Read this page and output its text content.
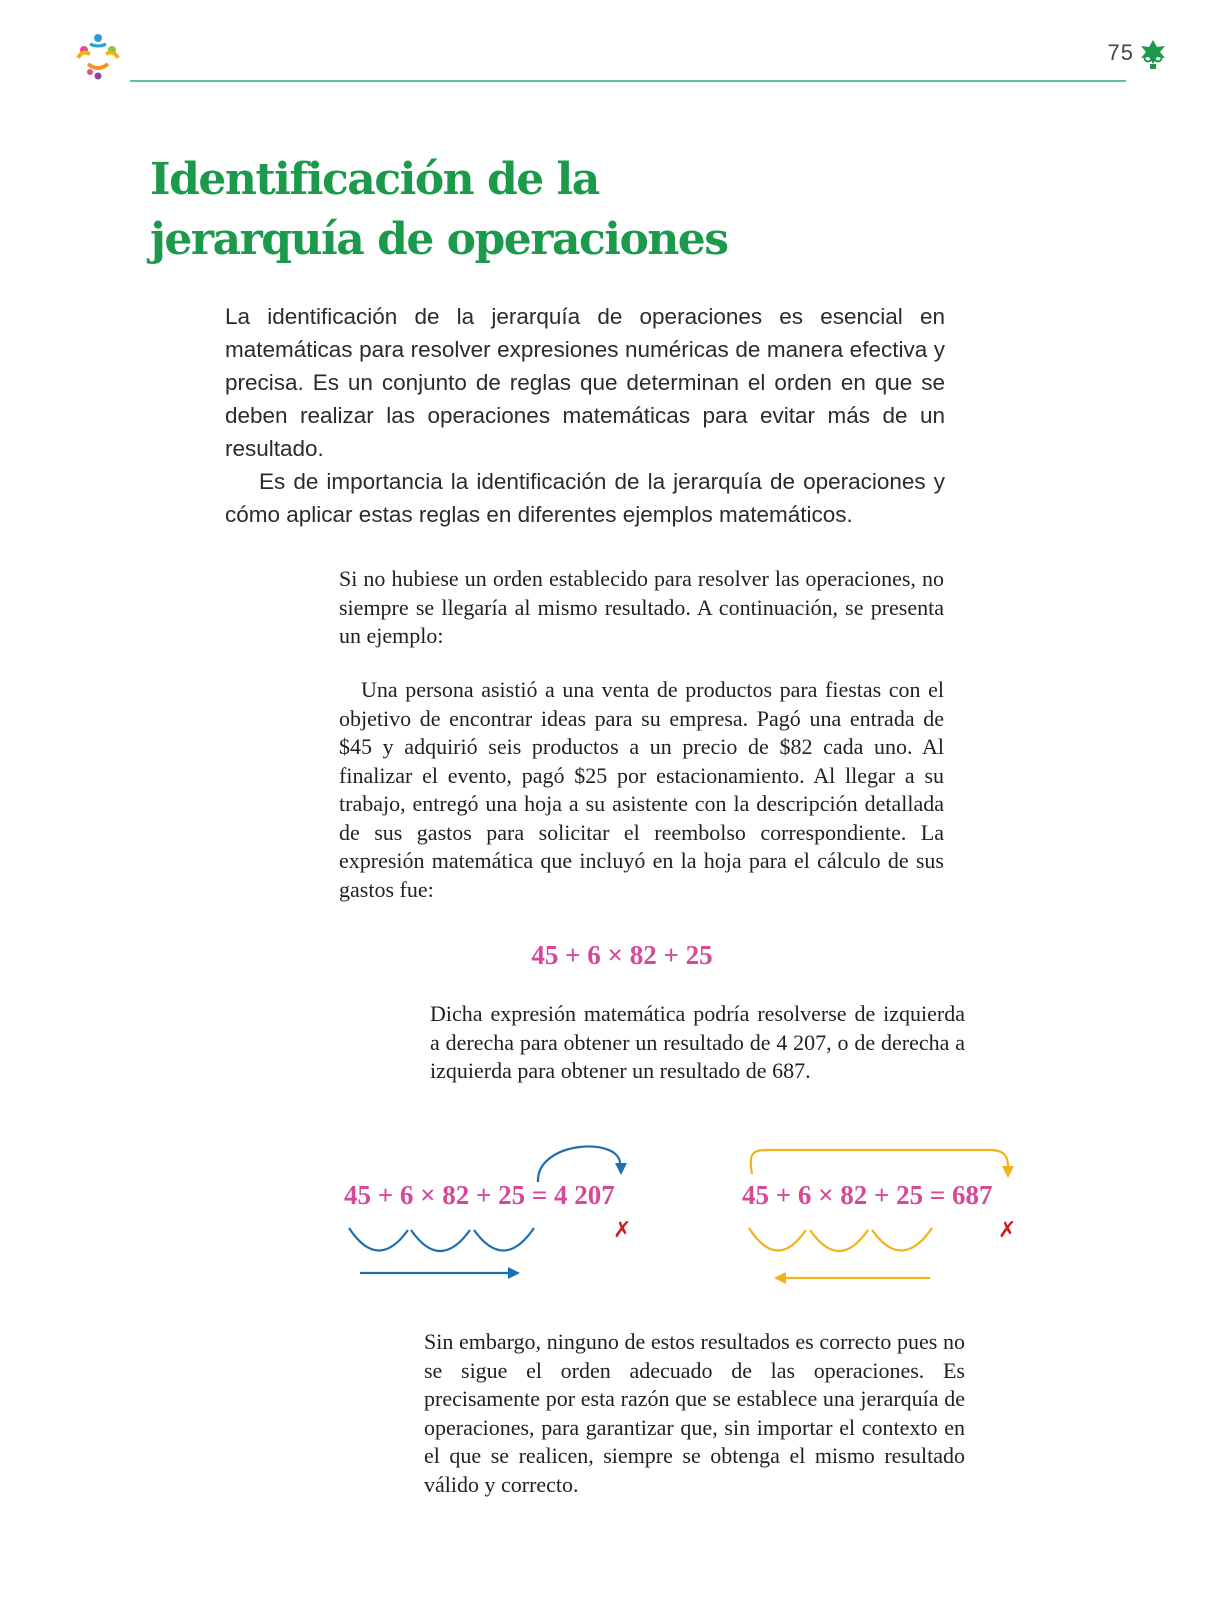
75
Identificación de la
jerarquía de operaciones

La identificación de la jerarquía de operaciones es esencial en matemáticas para resolver expresiones numéricas de manera efectiva y precisa. Es un conjunto de reglas que determinan el orden en que se deben realizar las operaciones matemáticas para evitar más de un resultado.

Es de importancia la identificación de la jerarquía de operaciones y cómo aplicar estas reglas en diferentes ejemplos matemáticos.

Si no hubiese un orden establecido para resolver las operaciones, no siempre se llegaría al mismo resultado. A continuación, se presenta un ejemplo:

Una persona asistió a una venta de productos para fiestas con el objetivo de encontrar ideas para su empresa. Pagó una entrada de $45 y adquirió seis productos a un precio de $82 cada uno. Al finalizar el evento, pagó $25 por estacionamiento. Al llegar a su trabajo, entregó una hoja a su asistente con la descripción detallada de sus gastos para solicitar el reembolso correspondiente. La expresión matemática que incluyó en la hoja para el cálculo de sus gastos fue:

45 + 6 × 82 + 25

Dicha expresión matemática podría resolverse de izquierda a derecha para obtener un resultado de 4 207, o de derecha a izquierda para obtener un resultado de 687.

45 + 6 × 82 + 25 = 4 207
✗
45 + 6 × 82 + 25 = 687
✗

Sin embargo, ninguno de estos resultados es correcto pues no se sigue el orden adecuado de las operaciones. Es precisamente por esta razón que se establece una jerarquía de operaciones, para garantizar que, sin importar el contexto en el que se realicen, siempre se obtenga el mismo resultado válido y correcto.
